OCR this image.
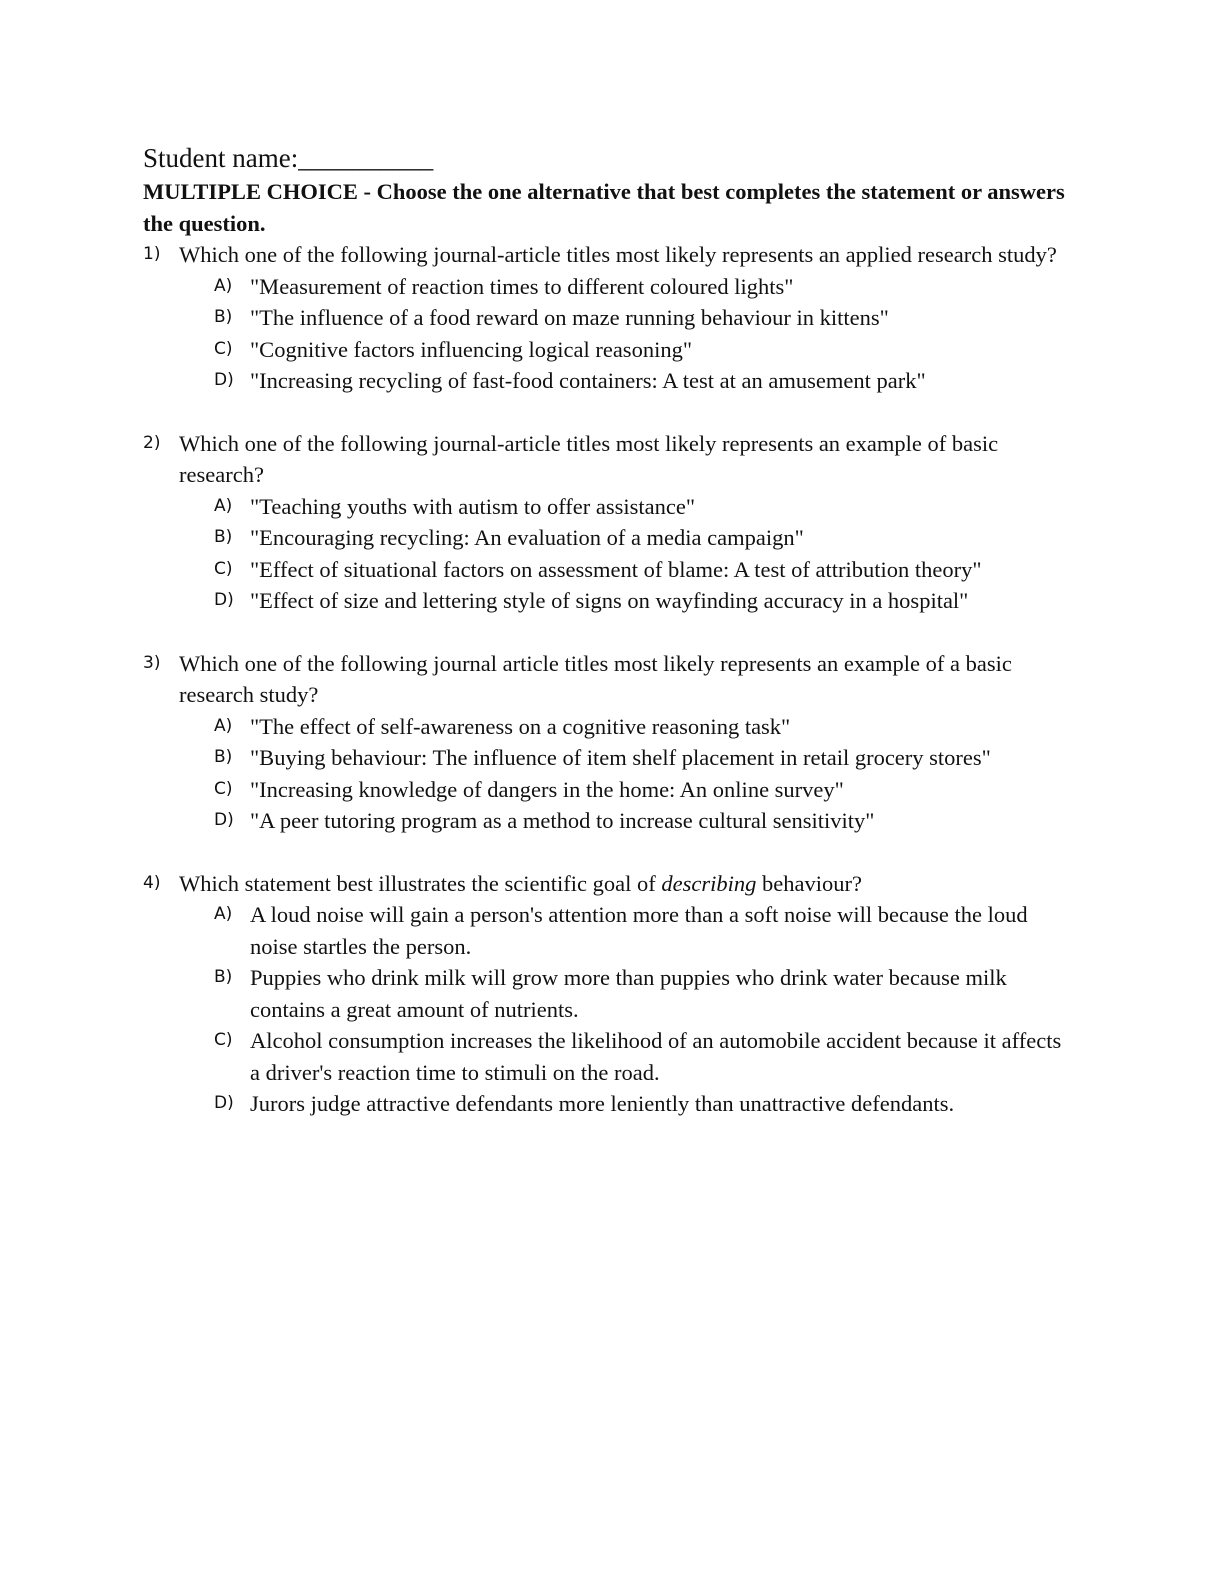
Student name:__________

MULTIPLE CHOICE - Choose the one alternative that best completes the statement or answers the question.

1) Which one of the following journal-article titles most likely represents an applied research study?

A) "Measurement of reaction times to different coloured lights"
B) "The influence of a food reward on maze running behaviour in kittens"
C) "Cognitive factors influencing logical reasoning"
D) "Increasing recycling of fast-food containers: A test at an amusement park"
2) Which one of the following journal-article titles most likely represents an example of basic research?

A) "Teaching youths with autism to offer assistance"
B) "Encouraging recycling: An evaluation of a media campaign"
C) "Effect of situational factors on assessment of blame: A test of attribution theory"
D) "Effect of size and lettering style of signs on wayfinding accuracy in a hospital"
3) Which one of the following journal article titles most likely represents an example of a basic research study?

A) "The effect of self-awareness on a cognitive reasoning task"
B) "Buying behaviour: The influence of item shelf placement in retail grocery stores"
C) "Increasing knowledge of dangers in the home: An online survey"
D) "A peer tutoring program as a method to increase cultural sensitivity"
4) Which statement best illustrates the scientific goal of describing behaviour?

A) A loud noise will gain a person's attention more than a soft noise will because the loud noise startles the person.
B) Puppies who drink milk will grow more than puppies who drink water because milk contains a great amount of nutrients.
C) Alcohol consumption increases the likelihood of an automobile accident because it affects a driver's reaction time to stimuli on the road.
D) Jurors judge attractive defendants more leniently than unattractive defendants.
